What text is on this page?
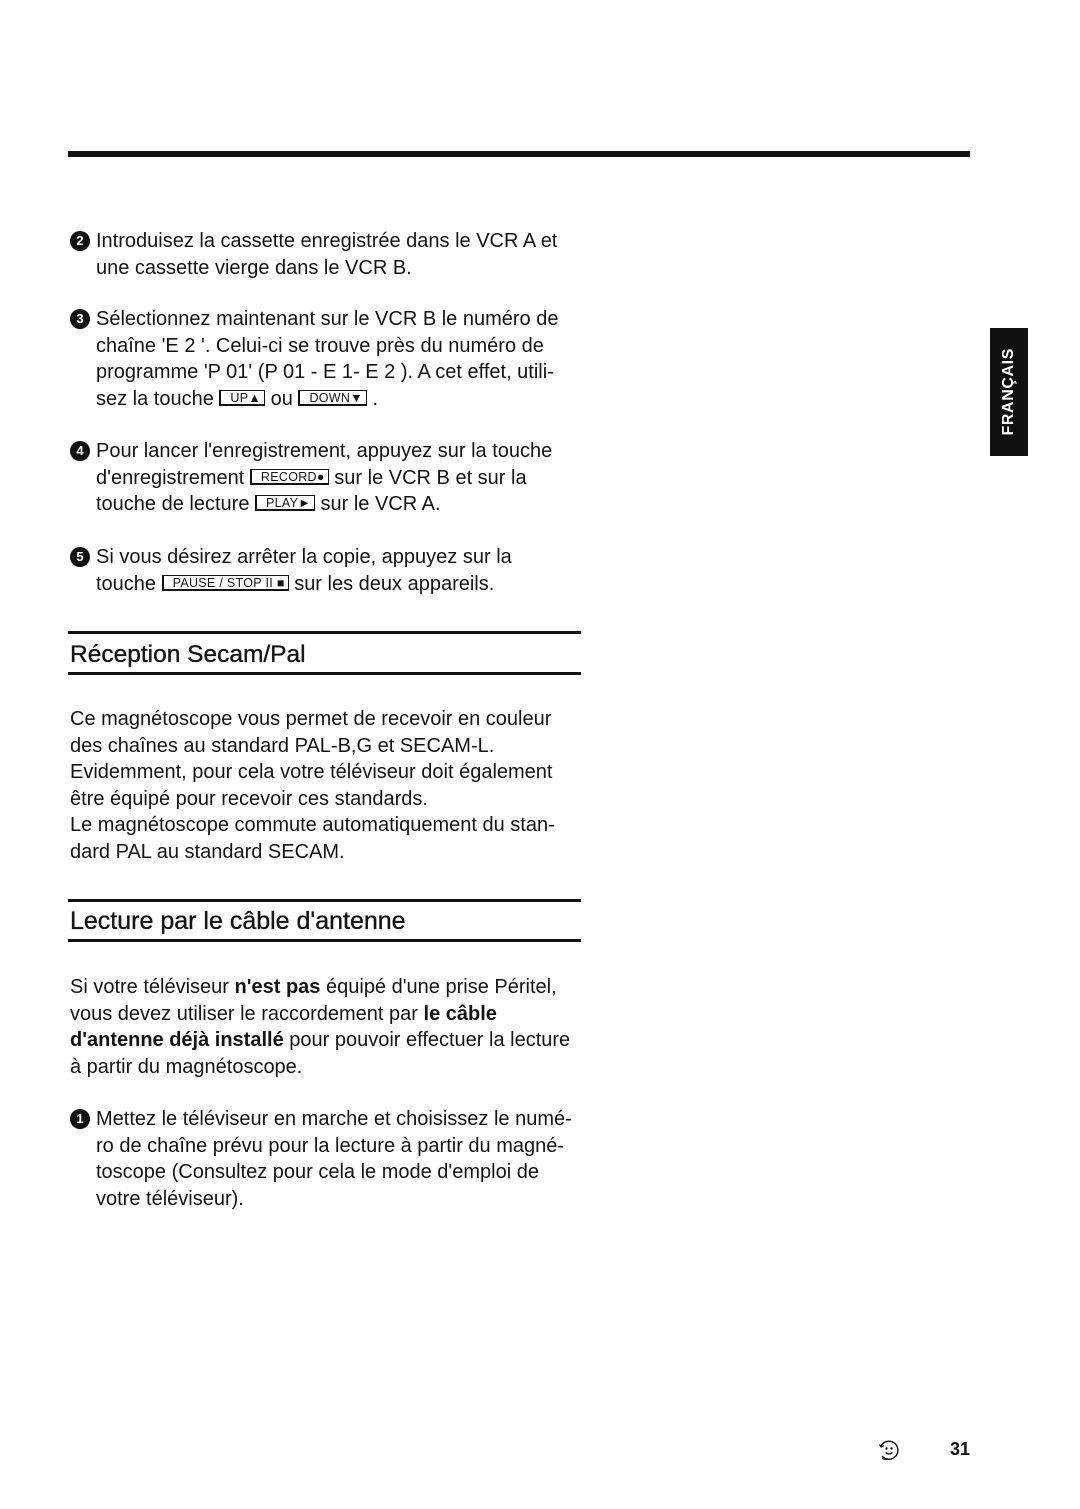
FRANÇAIS
2 Introduisez la cassette enregistrée dans le VCR A et
une cassette vierge dans le VCR B.
3 Sélectionnez maintenant sur le VCR B le numéro de
chaîne 'E 2 '. Celui-ci se trouve près du numéro de
programme 'P 01' (P 01 - E 1- E 2 ). A cet effet, utili-
sez la touche UP▲ ou DOWN▼ .
4 Pour lancer l'enregistrement, appuyez sur la touche
d'enregistrement RECORD● sur le VCR B et sur la
touche de lecture PLAY► sur le VCR A.
5 Si vous désirez arrêter la copie, appuyez sur la
touche PAUSE / STOP II ■ sur les deux appareils.
Réception Secam/Pal
Ce magnétoscope vous permet de recevoir en couleur
des chaînes au standard PAL-B,G et SECAM-L.
Evidemment, pour cela votre téléviseur doit également
être équipé pour recevoir ces standards.
Le magnétoscope commute automatiquement du stan-
dard PAL au standard SECAM.
Lecture par le câble d'antenne
Si votre téléviseur n'est pas équipé d'une prise Péritel,
vous devez utiliser le raccordement par le câble
d'antenne déjà installé pour pouvoir effectuer la lecture
à partir du magnétoscope.
1 Mettez le téléviseur en marche et choisissez le numé-
ro de chaîne prévu pour la lecture à partir du magné-
toscope (Consultez pour cela le mode d'emploi de
votre téléviseur).
31
